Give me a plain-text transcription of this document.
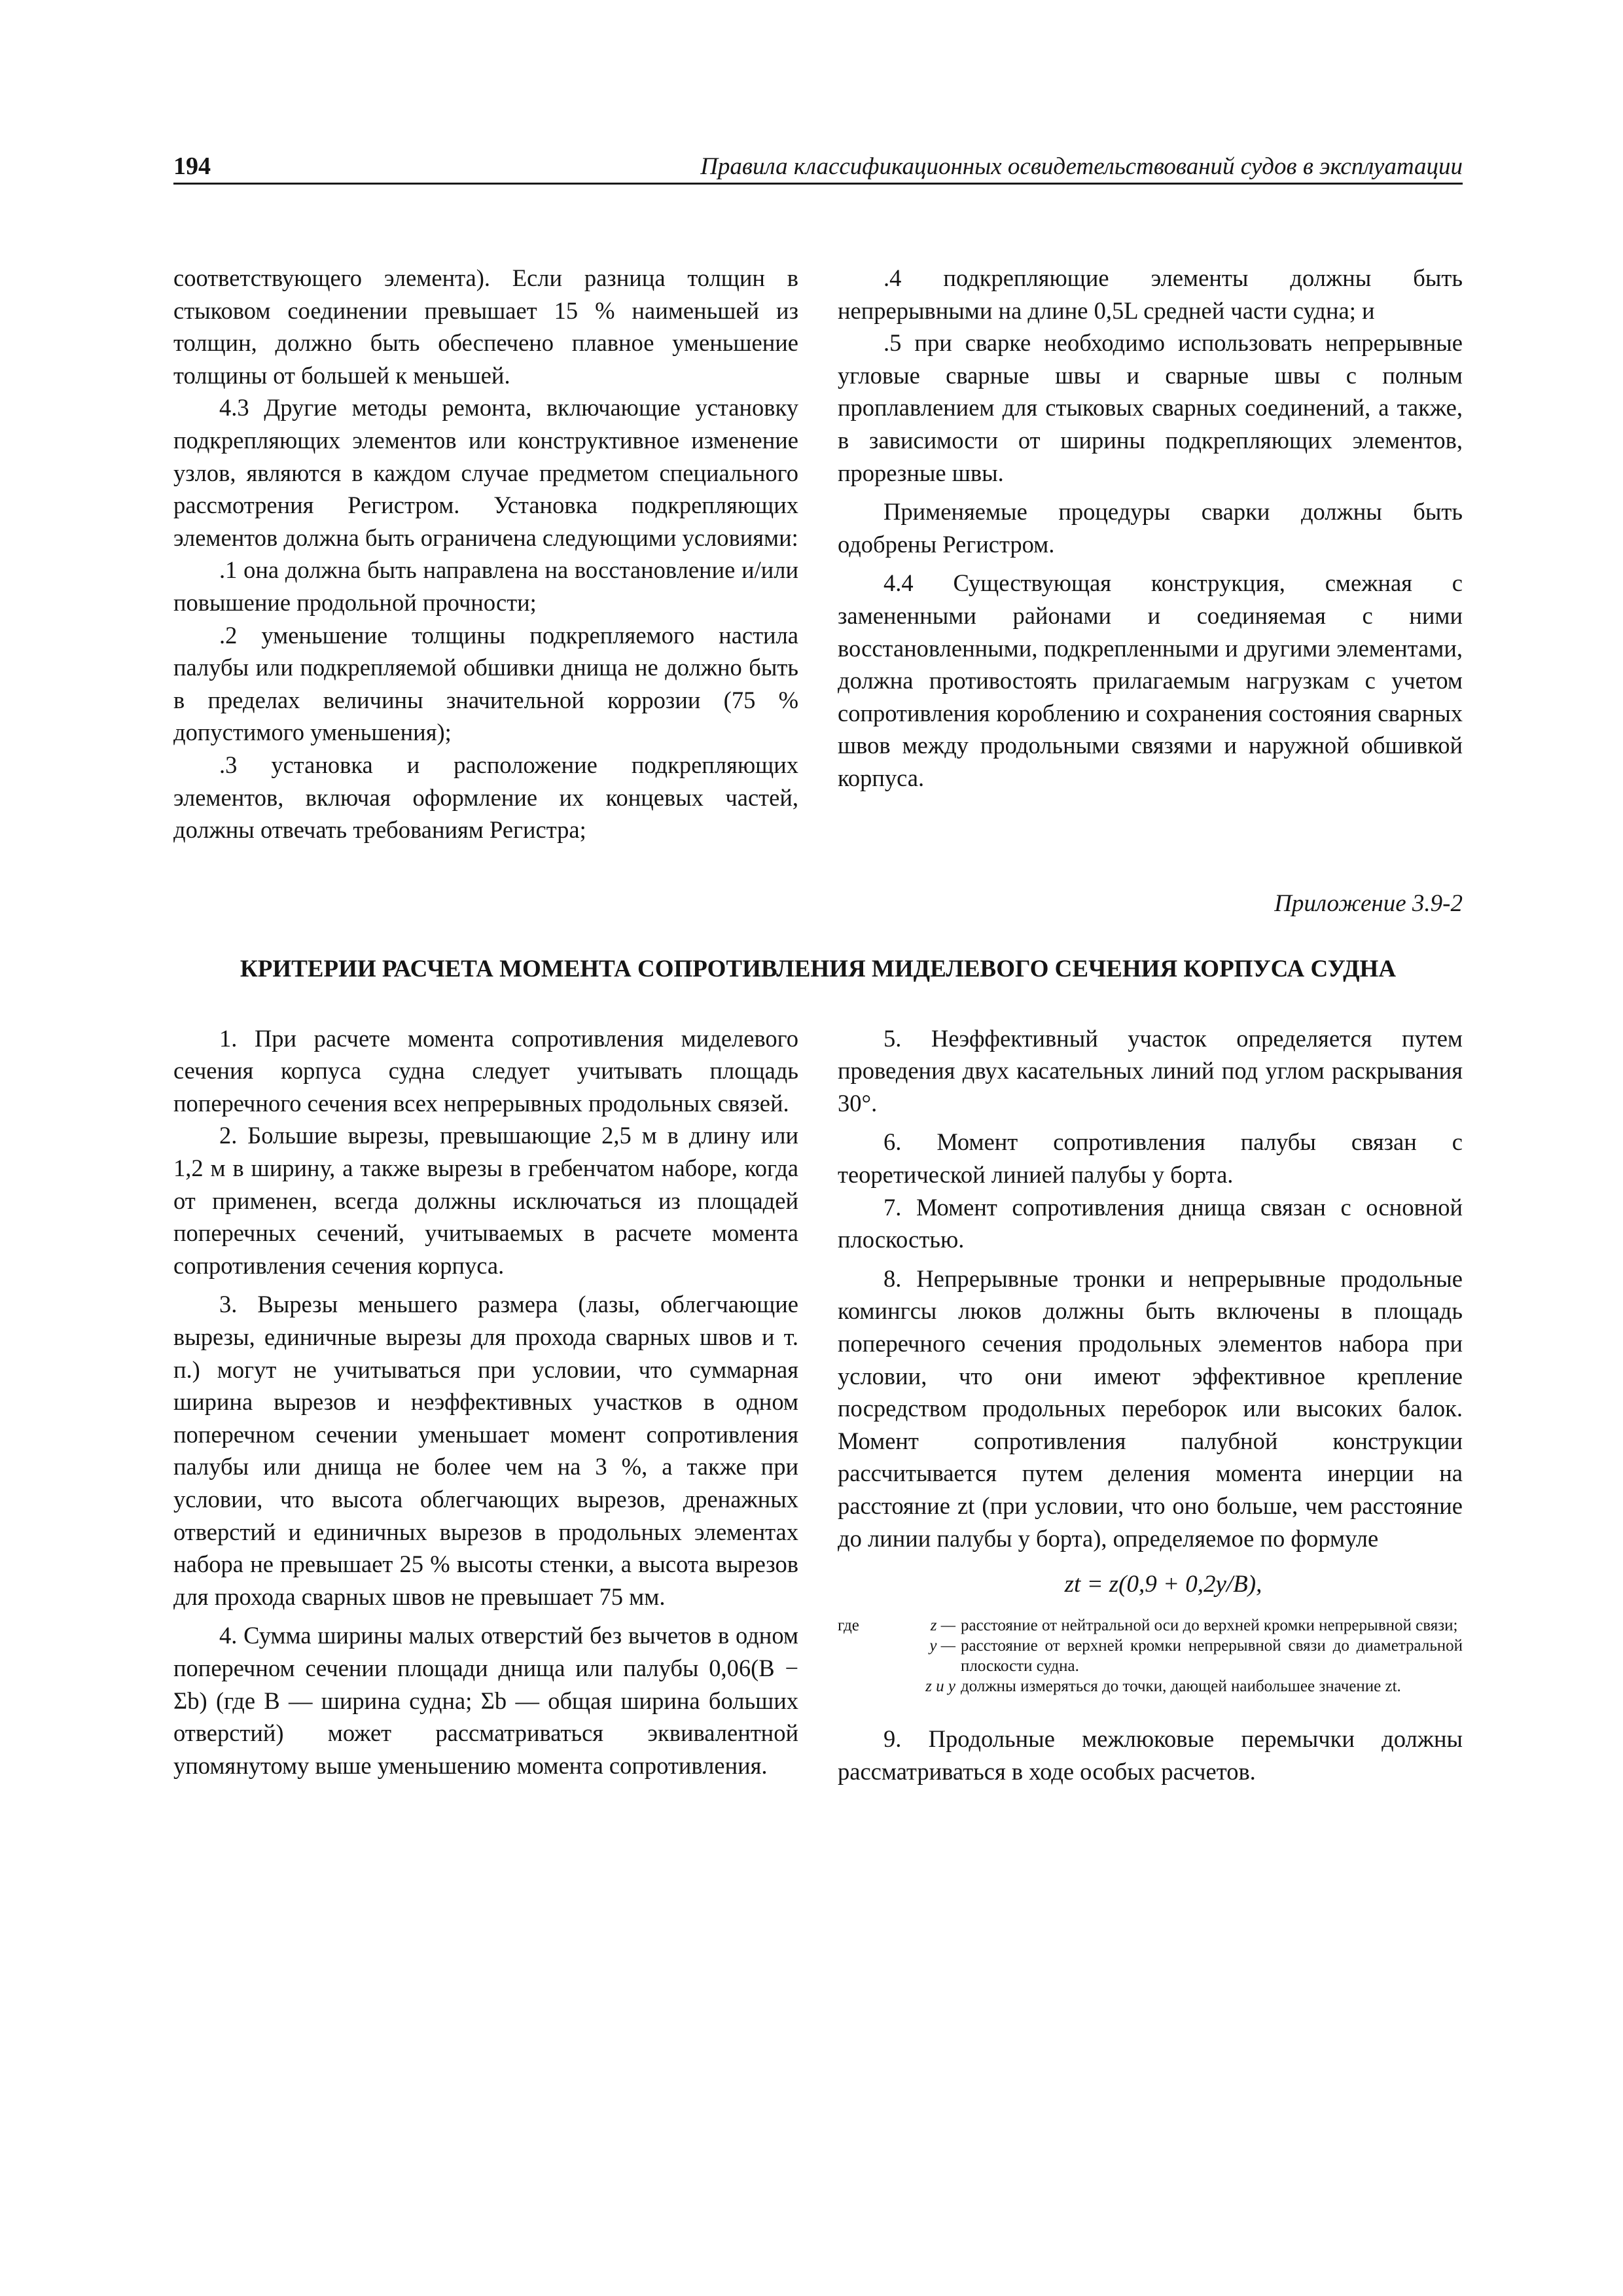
194	Правила классификационных освидетельствований судов в эксплуатации

соответствующего элемента). Если разница толщин в стыковом соединении превышает 15 % наименьшей из толщин, должно быть обеспечено плавное уменьшение толщины от большей к меньшей.

4.3 Другие методы ремонта, включающие установку подкрепляющих элементов или конструктивное изменение узлов, являются в каждом случае предметом специального рассмотрения Регистром. Установка подкрепляющих элементов должна быть ограничена следующими условиями:

.1 она должна быть направлена на восстановление и/или повышение продольной прочности;

.2 уменьшение толщины подкрепляемого настила палубы или подкрепляемой обшивки днища не должно быть в пределах величины значительной коррозии (75 % допустимого уменьшения);

.3 установка и расположение подкрепляющих элементов, включая оформление их концевых частей, должны отвечать требованиям Регистра;

.4 подкрепляющие элементы должны быть непрерывными на длине 0,5L средней части судна; и

.5 при сварке необходимо использовать непрерывные угловые сварные швы и сварные швы с полным проплавлением для стыковых сварных соединений, а также, в зависимости от ширины подкрепляющих элементов, прорезные швы.

Применяемые процедуры сварки должны быть одобрены Регистром.

4.4 Существующая конструкция, смежная с замененными районами и соединяемая с ними восстановленными, подкрепленными и другими элементами, должна противостоять прилагаемым нагрузкам с учетом сопротивления короблению и сохранения состояния сварных швов между продольными связями и наружной обшивкой корпуса.

Приложение 3.9-2
КРИТЕРИИ РАСЧЕТА МОМЕНТА СОПРОТИВЛЕНИЯ МИДЕЛЕВОГО СЕЧЕНИЯ КОРПУСА СУДНА

1. При расчете момента сопротивления миделевого сечения корпуса судна следует учитывать площадь поперечного сечения всех непрерывных продольных связей.

2. Большие вырезы, превышающие 2,5 м в длину или 1,2 м в ширину, а также вырезы в гребенчатом наборе, когда от применен, всегда должны исключаться из площадей поперечных сечений, учитываемых в расчете момента сопротивления сечения корпуса.

3. Вырезы меньшего размера (лазы, облегчающие вырезы, единичные вырезы для прохода сварных швов и т. п.) могут не учитываться при условии, что суммарная ширина вырезов и неэффективных участков в одном поперечном сечении уменьшает момент сопротивления палубы или днища не более чем на 3 %, а также при условии, что высота облегчающих вырезов, дренажных отверстий и единичных вырезов в продольных элементах набора не превышает 25 % высоты стенки, а высота вырезов для прохода сварных швов не превышает 75 мм.

4. Сумма ширины малых отверстий без вычетов в одном поперечном сечении площади днища или палубы 0,06(B − Σb) (где B — ширина судна; Σb — общая ширина больших отверстий) может рассматриваться эквивалентной упомянутому выше уменьшению момента сопротивления.

5. Неэффективный участок определяется путем проведения двух касательных линий под углом раскрывания 30°.

6. Момент сопротивления палубы связан с теоретической линией палубы у борта.

7. Момент сопротивления днища связан с основной плоскостью.

8. Непрерывные тронки и непрерывные продольные комингсы люков должны быть включены в площадь поперечного сечения продольных элементов набора при условии, что они имеют эффективное крепление посредством продольных переборок или высоких балок. Момент сопротивления палубной конструкции рассчитывается путем деления момента инерции на расстояние zt (при условии, что оно больше, чем расстояние до линии палубы у борта), определяемое по формуле

zt = z(0,9 + 0,2y/B),
где	z — расстояние от нейтральной оси до верхней кромки непрерывной связи;
y — расстояние от верхней кромки непрерывной связи до диаметральной плоскости судна.
z и y должны измеряться до точки, дающей наибольшее значение zt.

9. Продольные межлюковые перемычки должны рассматриваться в ходе особых расчетов.
